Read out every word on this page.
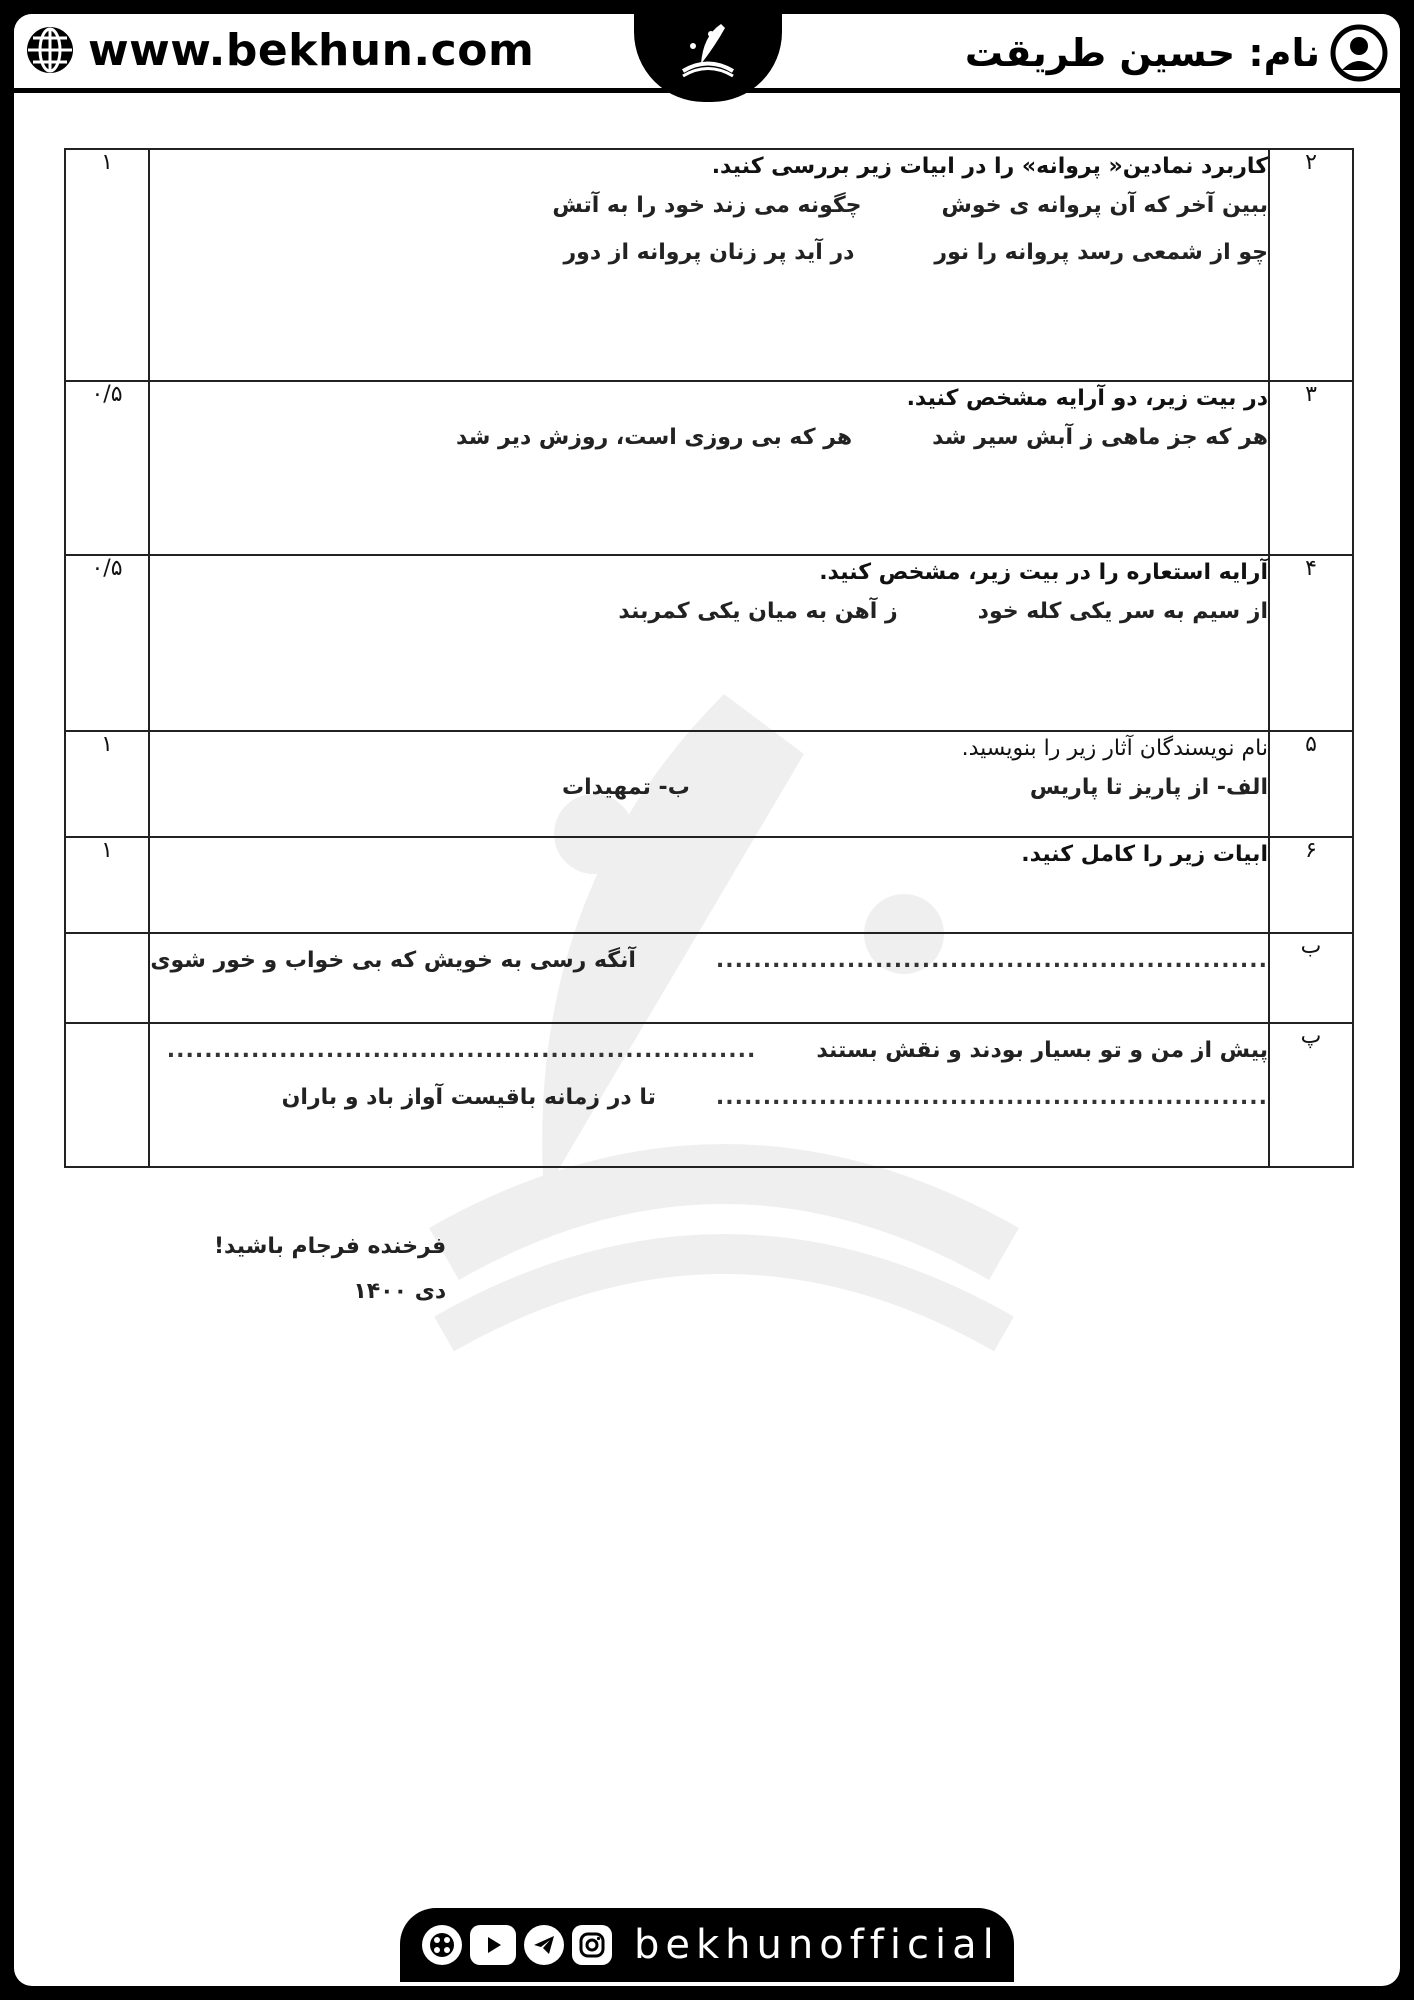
www.bekhun.com	نام: حسین طریقت
۲	کاربرد نمادین« پروانه» را در ابیات زیر بررسی کنید.
ببین آخر که آن پروانه ی خوش
چگونه می زند خود را به آتش
چو از شمعی رسد پروانه را نور
در آید پر زنان پروانه از دور	۱
۳	در بیت زیر، دو آرایه مشخص کنید.
هر که جز ماهی ز آبش سیر شد
هر که بی روزی است، روزش دیر شد	۰/۵
۴	آرایه استعاره را در بیت زیر، مشخص کنید.
از سیم به سر یکی کله خود
ز آهن به میان یکی کمربند	۰/۵
۵	نام نویسندگان آثار زیر را بنویسید.
الف- از پاریز تا پاریس
ب- تمهیدات	۱
۶	ابیات زیر را کامل کنید.	۱
ب	...........................................................
آنگه رسی به خویش که بی خواب و خور شوی	

پ	پیش از من و تو بسیار بودند و نقش بستند
...............................................................
...........................................................
تا در زمانه باقیست آواز باد و باران	

فرخنده فرجام باشید!
دی ۱۴۰۰
bekhunofficial
